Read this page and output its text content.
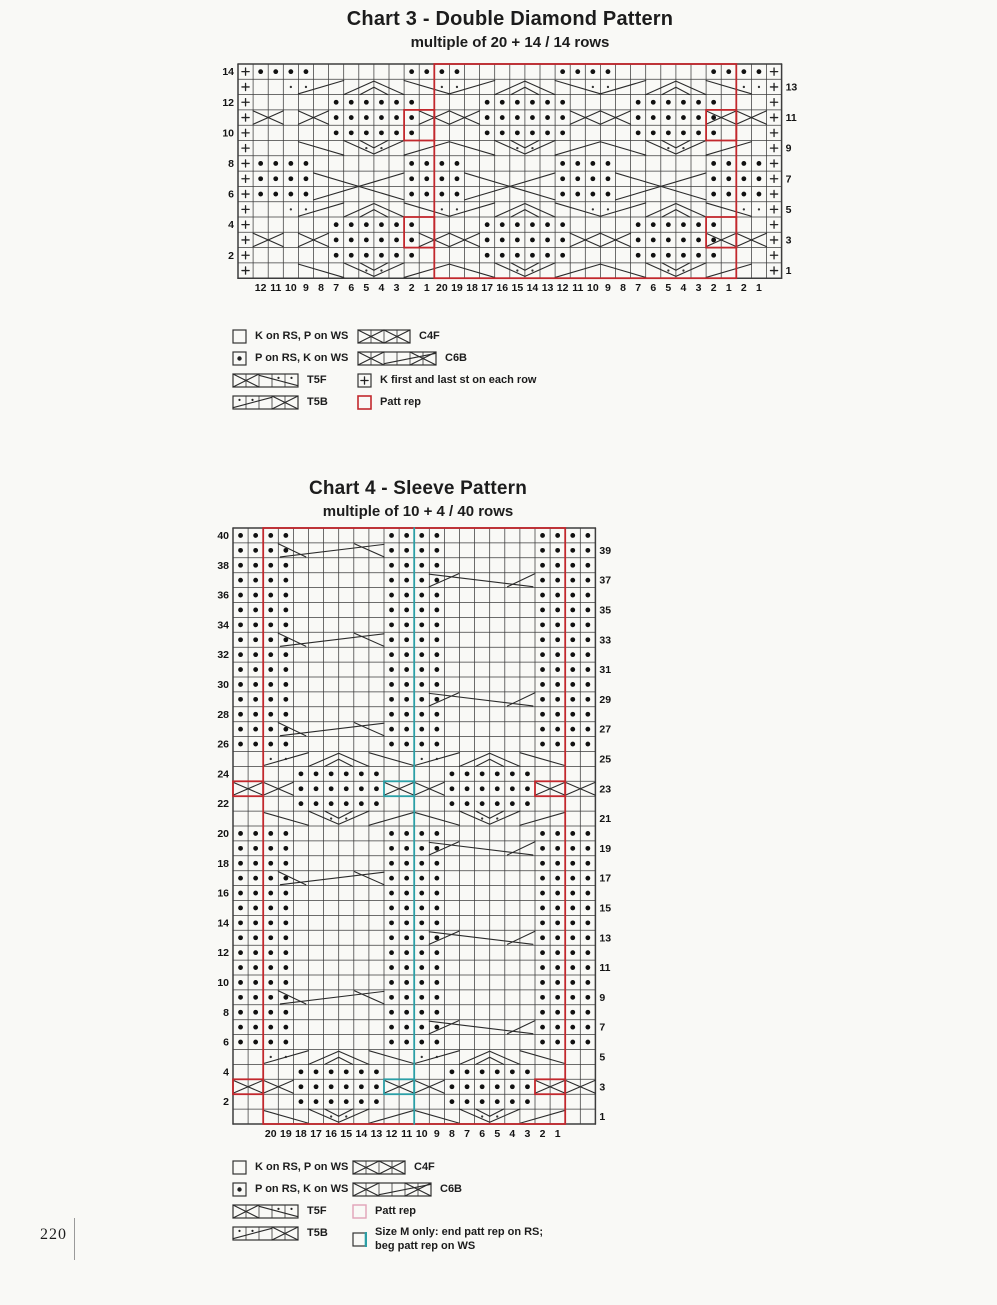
Chart 3 - Double Diamond Pattern
multiple of 20 + 14 / 14 rows
14
12
10
8
6
4
2
13
11
9
7
5
3
1
12 11 10 9 8 7 6 5 4 3 2 1 20 19 18 17 16 15 14 13 12 11 10 9 8 7 6 5 4 3 2 1 2 1
K on RS, P on WS
P on RS, K on WS
T5F
T5B
C4F
C6B
K first and last st on each row
Patt rep
Chart 4 - Sleeve Pattern
multiple of 10 + 4 / 40 rows
40
38
36
34
32
30
28
26
24
22
20
18
16
14
12
10
8
6
4
2
39
37
35
33
31
29
27
25
23
21
19
17
15
13
11
9
7
5
3
1
20 19 18 17 16 15 14 13 12 11 10 9 8 7 6 5 4 3 2 1
K on RS, P on WS
P on RS, K on WS
T5F
T5B
C4F
C6B
Patt rep
Size M only: end patt rep on RS; beg patt rep on WS
220
